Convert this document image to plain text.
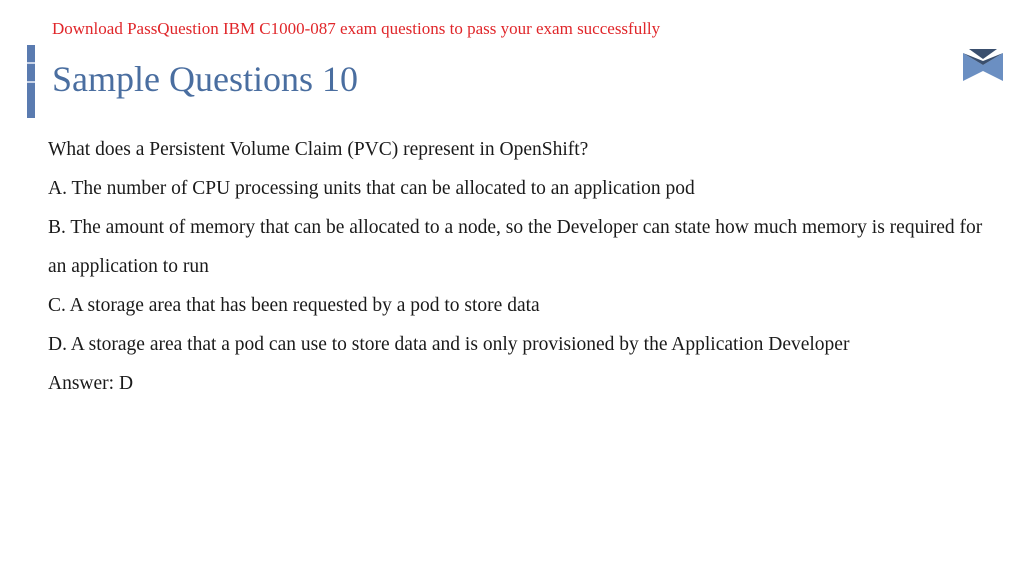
Download PassQuestion IBM C1000-087 exam questions to pass your exam successfully
Sample Questions 10

What does a Persistent Volume Claim (PVC) represent in OpenShift?

A. The number of CPU processing units that can be allocated to an application pod

B. The amount of memory that can be allocated to a node, so the Developer can state how much memory is required for an application to run

C. A storage area that has been requested by a pod to store data

D. A storage area that a pod can use to store data and is only provisioned by the Application Developer

Answer: D
